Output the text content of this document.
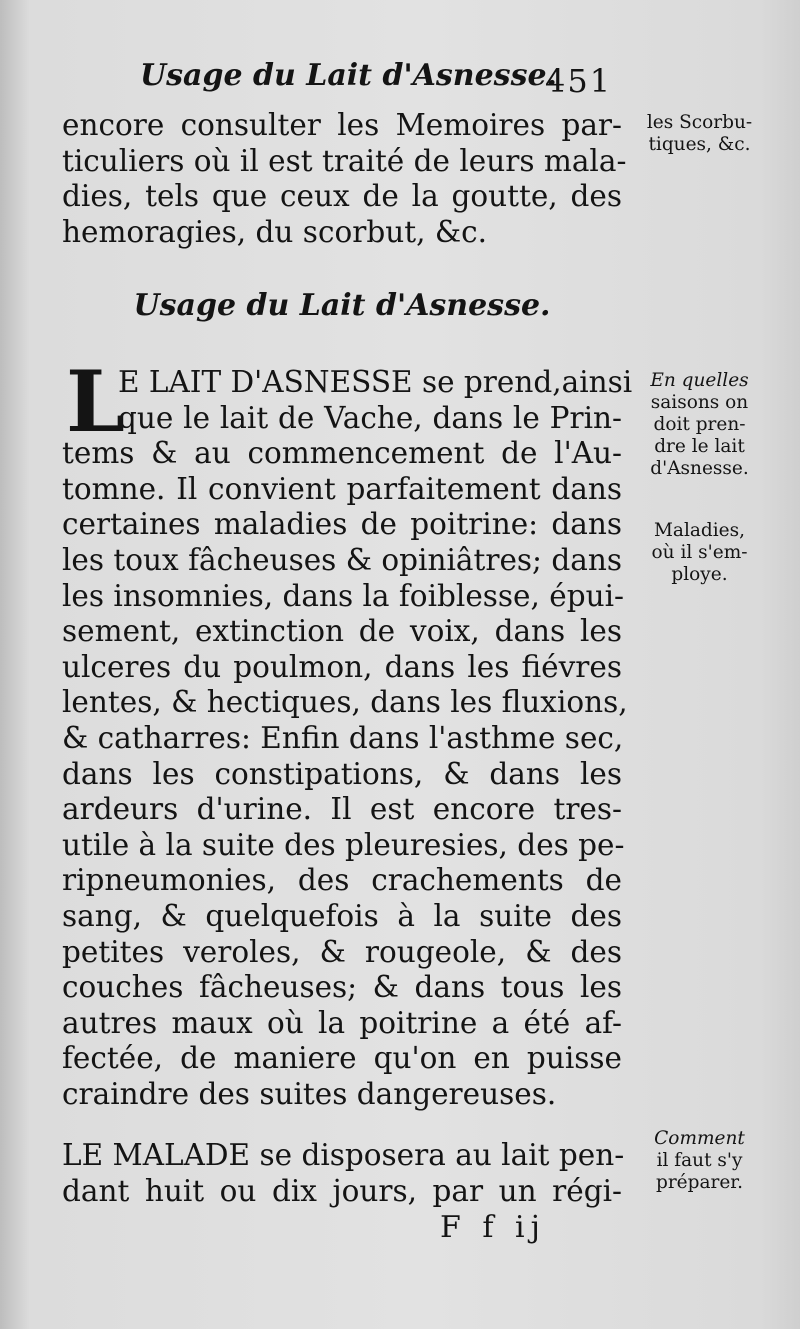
Usage du Lait d'Asnesse.
451
encore consulter les Memoires par-
ticuliers où il est traité de leurs mala-
dies, tels que ceux de la goutte, des
hemoragies, du scorbut, &c.
Usage du Lait d'Asnesse.
L
E LAIT D'ASNESSE se prend,ainsi
que le lait de Vache, dans le Prin-
tems & au commencement de l'Au-
tomne. Il convient parfaitement dans
certaines maladies de poitrine: dans
les toux fâcheuses & opiniâtres; dans
les insomnies, dans la foiblesse, épui-
sement, extinction de voix, dans les
ulceres du poulmon, dans les fiévres
lentes, & hectiques, dans les fluxions,
& catharres: Enfin dans l'asthme sec,
dans les constipations, & dans les
ardeurs d'urine. Il est encore tres-
utile à la suite des pleuresies, des pe-
ripneumonies, des crachements de
sang, & quelquefois à la suite des
petites veroles, & rougeole, & des
couches fâcheuses; & dans tous les
autres maux où la poitrine a été af-
fectée, de maniere qu'on en puisse
craindre des suites dangereuses.
LE MALADE se disposera au lait pen-
dant huit ou dix jours, par un régi-
F f ij
les Scorbu-
tiques, &c.
En quelles
saisons on
doit pren-
dre le lait
d'Asnesse.
Maladies,
où il s'em-
ploye.
Comment
il faut s'y
préparer.
